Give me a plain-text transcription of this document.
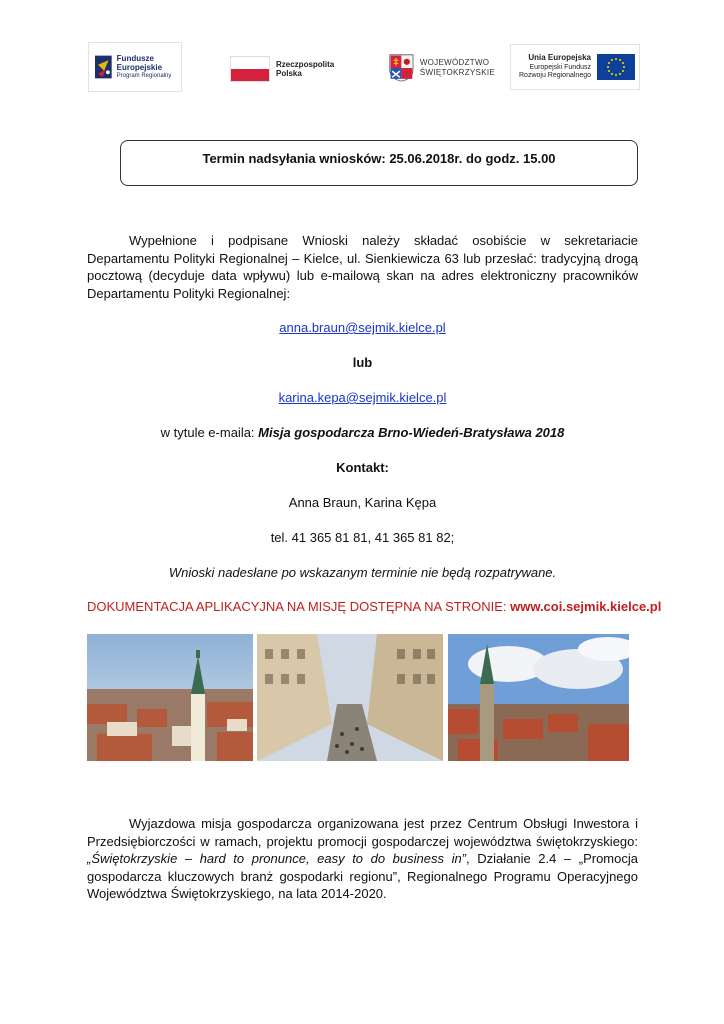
Fundusze Europejskie
Program Regionalny
Rzeczpospolita Polska
WOJEWÓDZTWO
ŚWIĘTOKRZYSKIE
Unia Europejska
Europejski Fundusz Rozwoju Regionalnego
Termin nadsyłania wniosków: 25.06.2018r. do godz. 15.00
Wypełnione i podpisane Wnioski należy składać osobiście w sekretariacie Departamentu Polityki Regionalnej – Kielce, ul. Sienkiewicza 63 lub przesłać: tradycyjną drogą pocztową (decyduje data wpływu) lub e-mailową skan na adres elektroniczny pracowników Departamentu Polityki Regionalnej:
anna.braun@sejmik.kielce.pl
lub
karina.kepa@sejmik.kielce.pl
w tytule e-maila: Misja gospodarcza Brno-Wiedeń-Bratysława 2018
Kontakt:
Anna Braun, Karina Kępa
tel. 41 365 81 81, 41 365 81 82;
Wnioski nadesłane po wskazanym terminie nie będą rozpatrywane.
DOKUMENTACJA APLIKACYJNA NA MISJĘ DOSTĘPNA NA STRONIE: www.coi.sejmik.kielce.pl
Wyjazdowa misja gospodarcza organizowana jest przez Centrum Obsługi Inwestora i Przedsiębiorczości w ramach, projektu promocji gospodarczej województwa świętokrzyskiego: „Świętokrzyskie – hard to pronunce, easy to do business in”, Działanie 2.4 – „Promocja gospodarcza kluczowych branż gospodarki regionu”, Regionalnego Programu Operacyjnego Województwa Świętokrzyskiego, na lata 2014-2020.
